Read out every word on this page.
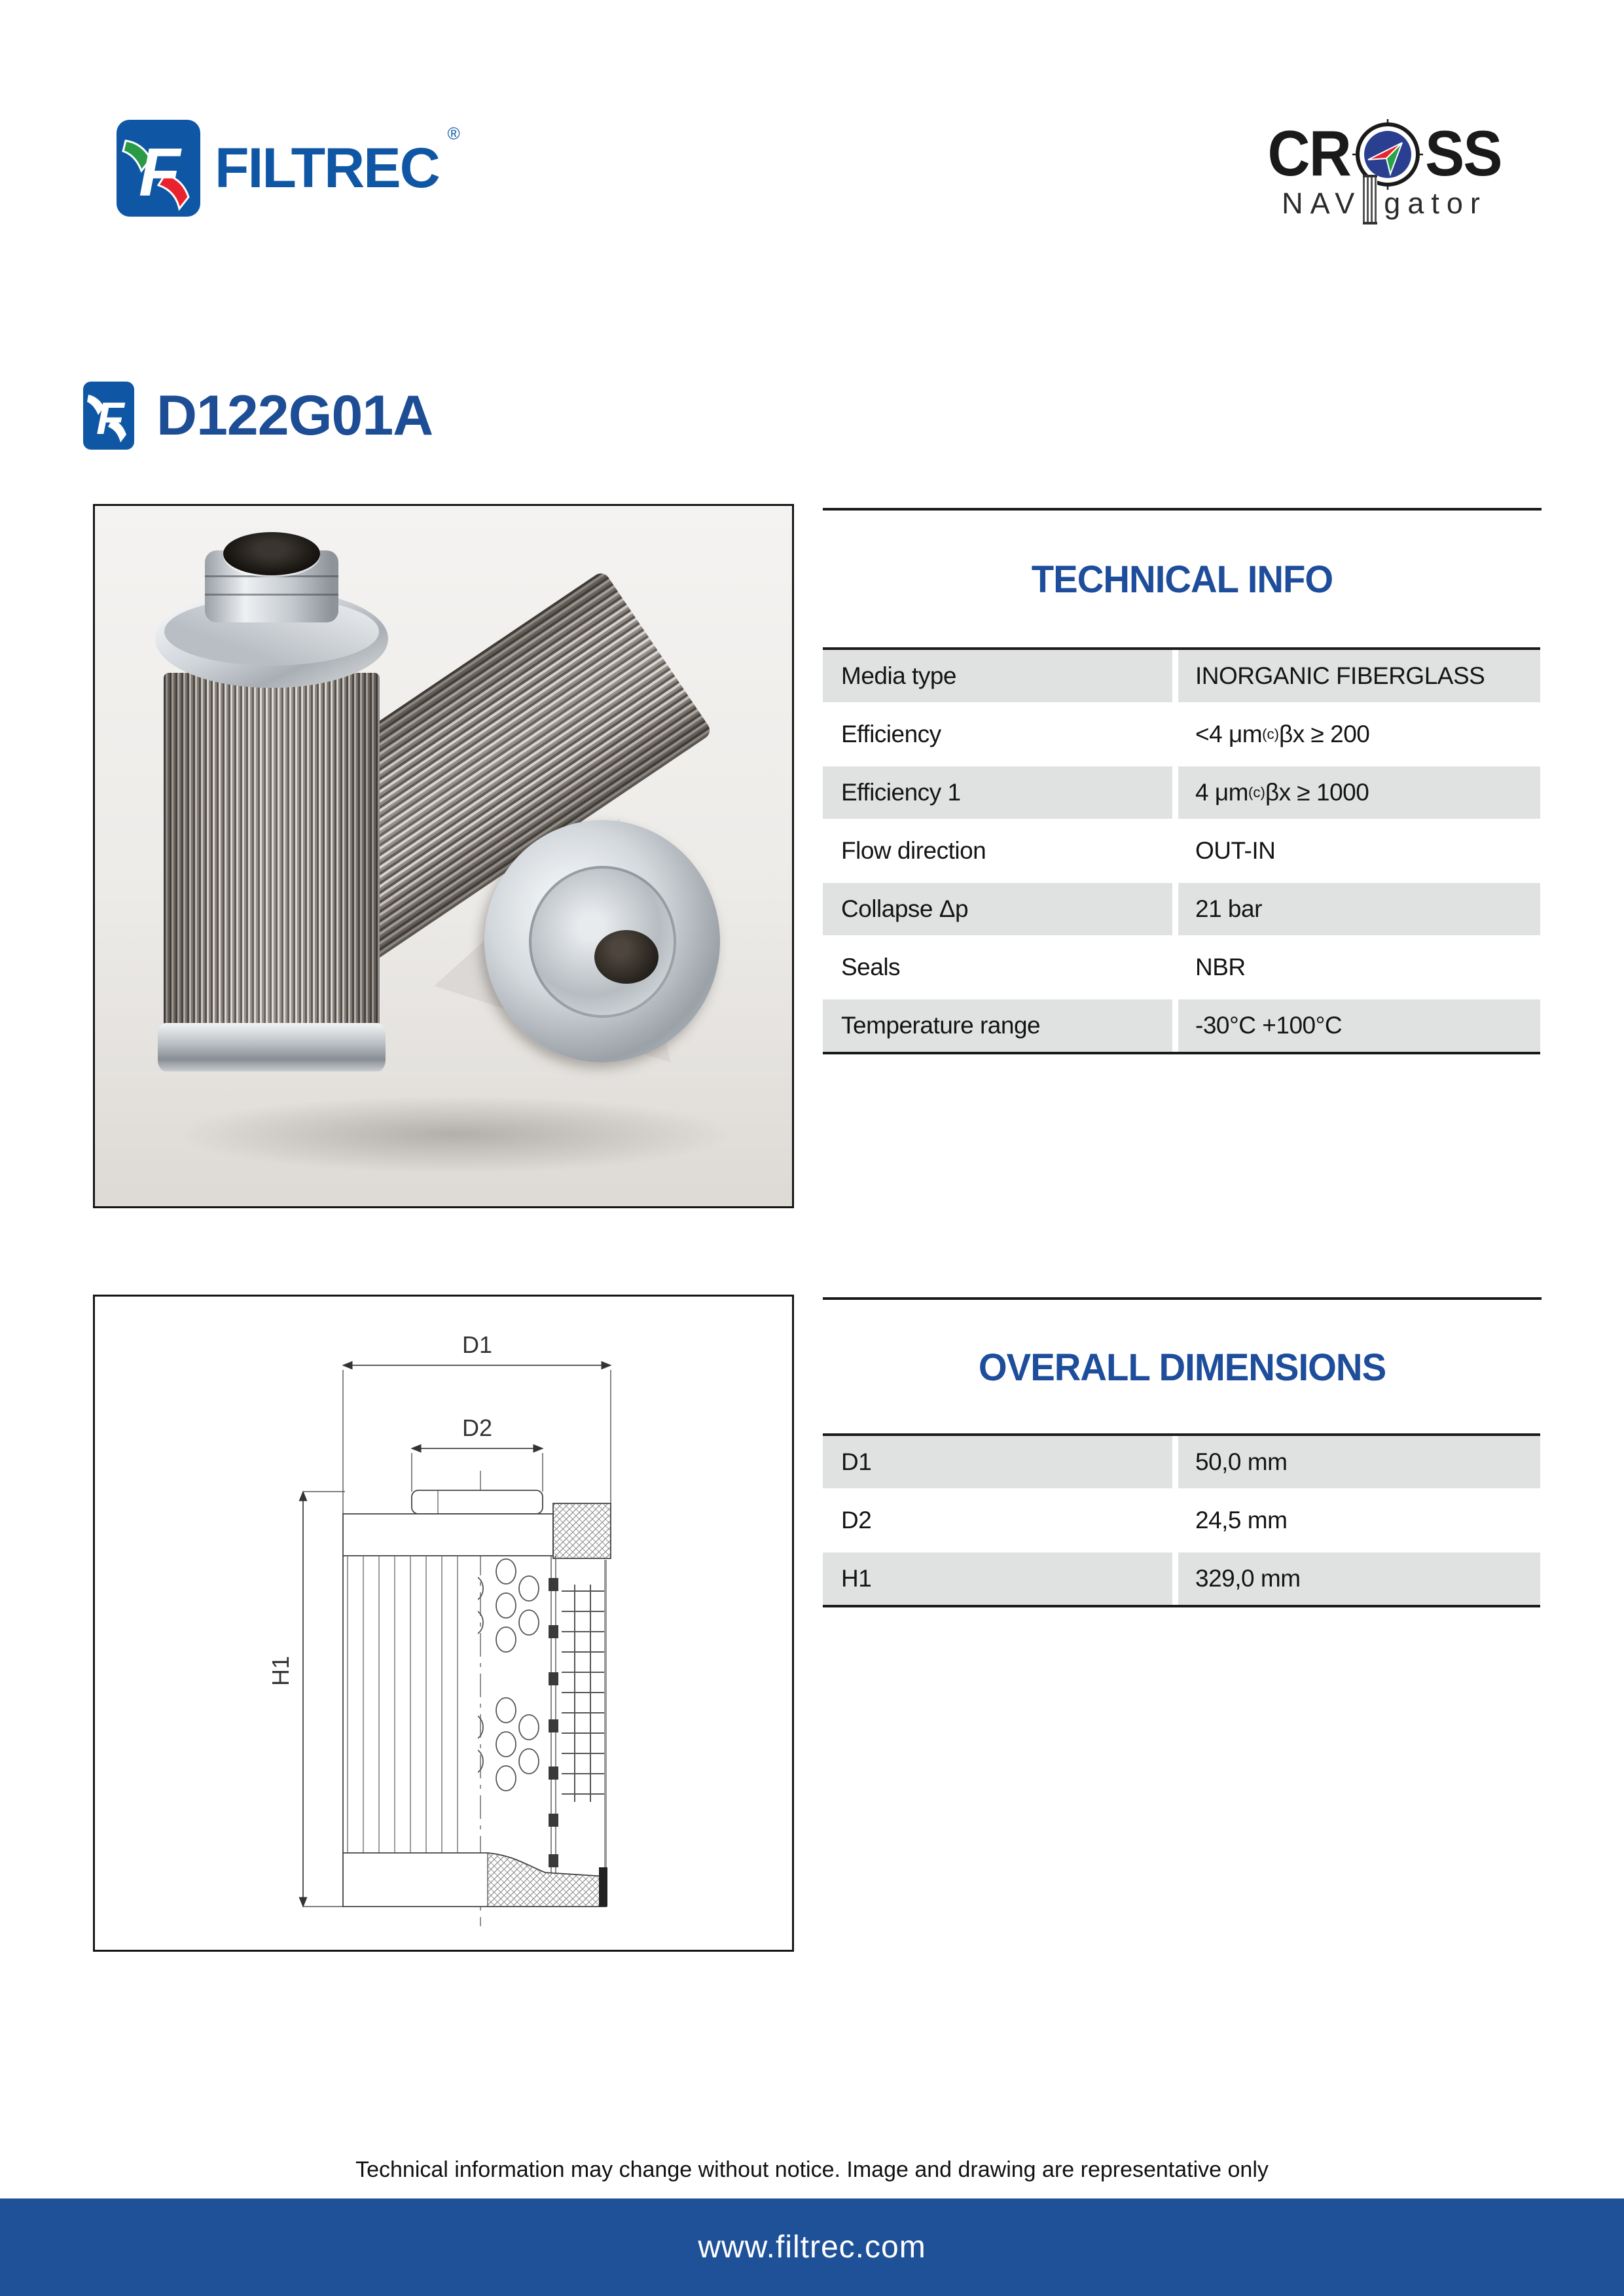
F FILTREC
®	CR SS
NAV gator
F D122G01A
TECHNICAL INFO
Media type	INORGANIC FIBERGLASS
Efficiency	<4 μm (c) βx ≥ 200
Efficiency 1	4 μm (c) βx ≥ 1000
Flow direction	OUT-IN
Collapse Δp	21 bar
Seals	NBR
Temperature range	-30°C +100°C
D1
D2
H1
OVERALL DIMENSIONS
D1	50,0 mm
D2	24,5 mm
H1	329,0 mm
Technical information may change without notice. Image and drawing are representative only
www.filtrec.com
